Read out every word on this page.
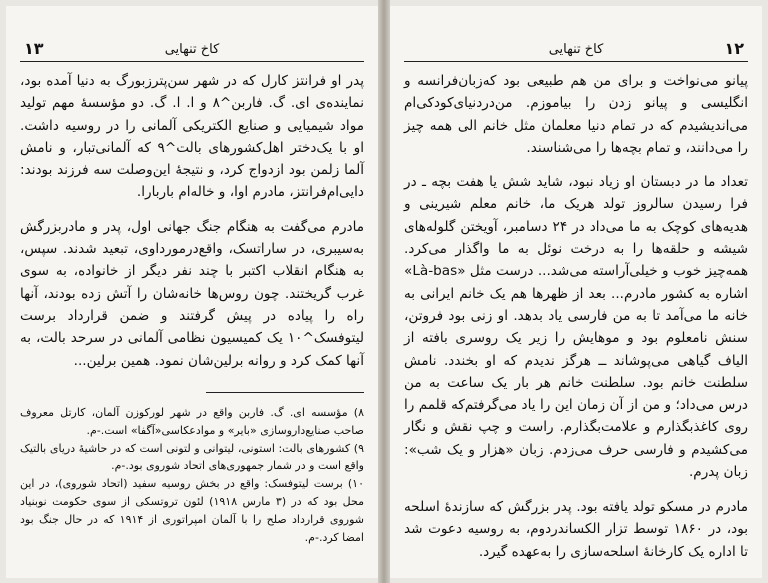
۱۳	کاخ تنهایی

پدر او فرانتز کارل که در شهر سن‌پترزبورگ به دنیا آمده بود، نماینده‌ی ای. گ. فاربن^۸ و ا. ا. گ. دو مؤسسهٔ مهم تولید مواد شیمیایی و صنایع الکتریکی آلمانی را در روسیه داشت. او با یک‌دختر اهل‌کشورهای بالت^۹ که آلمانی‌تبار، و نامش آلما زلمن بود ازدواج کرد، و نتیجهٔ این‌وصلت سه فرزند بودند: دایی‌ام‌فرانتز، مادرم اوا، و خاله‌ام باربارا.

مادرم می‌گفت به هنگام جنگ جهانی اول، پدر و مادربزرگش به‌سیبری، در ساراتسک، واقع‌درمورداوی، تبعید شدند. سپس، به هنگام انقلاب اکتبر با چند نفر دیگر از خانواده، به سوی غرب گریختند. چون روس‌ها خانه‌شان را آتش زده بودند، آنها راه را پیاده در پیش گرفتند و ضمن قرارداد برست لیتوفسک^۱۰ یک کمیسیون نظامی آلمانی در سرحد بالت، به آنها کمک کرد و روانه برلین‌شان نمود. همین برلین...

۸) مؤسسه ای. گ. فاربن واقع در شهر لورکوزن آلمان، کارتل معروف صاحب صنایع‌داروسازی «بایر» و موادعکاسی«آگفا» است.-م.

۹) کشورهای بالت: استونی، لیتوانی و لتونی است که در حاشیهٔ دریای بالتیک واقع است و در شمار جمهوری‌های اتحاد شوروی بود.-م.

۱۰) برست لیتوفسک: واقع در بخش روسیه سفید (اتحاد شوروی)، در این محل بود که در (۳ مارس ۱۹۱۸) لئون تروتسکی از سوی حکومت نوبنیاد شوروی قرارداد صلح را با آلمان امپراتوری از ۱۹۱۴ که در حال جنگ بود امضا کرد.-م.

۱۲
کاخ تنهایی

پیانو می‌نواخت و برای من هم طبیعی بود که‌زبان‌فرانسه و انگلیسی و پیانو زدن را بیاموزم. من‌دردنیای‌کودکی‌ام می‌اندیشیدم که در تمام دنیا معلمان مثل خانم الی همه چیز را می‌دانند، و تمام بچه‌ها را می‌شناسند.

تعداد ما در دبستان او زیاد نبود، شاید شش یا هفت بچه ـ در فرا رسیدن سالروز تولد هریک ما، خانم معلم شیرینی و هدیه‌های کوچک به ما می‌داد در ۲۴ دسامبر، آویختن گلوله‌های شیشه و حلقه‌ها را به درخت نوئل به ما واگذار می‌کرد. همه‌چیز خوب و خیلی‌آراسته می‌شد... درست مثل «Là-bas» اشاره به کشور مادرم... بعد از ظهرها هم یک خانم ایرانی به خانه ما می‌آمد تا به من فارسی یاد بدهد. او زنی بود فروتن، سنش نامعلوم بود و موهایش را زیر یک روسری بافته از الیاف گیاهی می‌پوشاند ــ هرگز ندیدم که او بخندد. نامش سلطنت خانم بود. سلطنت خانم هر بار یک ساعت به من درس می‌داد؛ و من از آن زمان این را یاد می‌گرفتم‌که قلمم را روی کاغذبگذارم و علامت‌بگذارم. راست و چپ نقش و نگار می‌کشیدم و فارسی حرف می‌زدم. زبان «هزار و یک شب»: زبان پدرم.

مادرم در مسکو تولد یافته بود. پدر بزرگش که سازندهٔ اسلحه بود، در ۱۸۶۰ توسط تزار الکساندردوم، به روسیه دعوت شد تا اداره یک کارخانهٔ اسلحه‌سازی را به‌عهده گیرد.
